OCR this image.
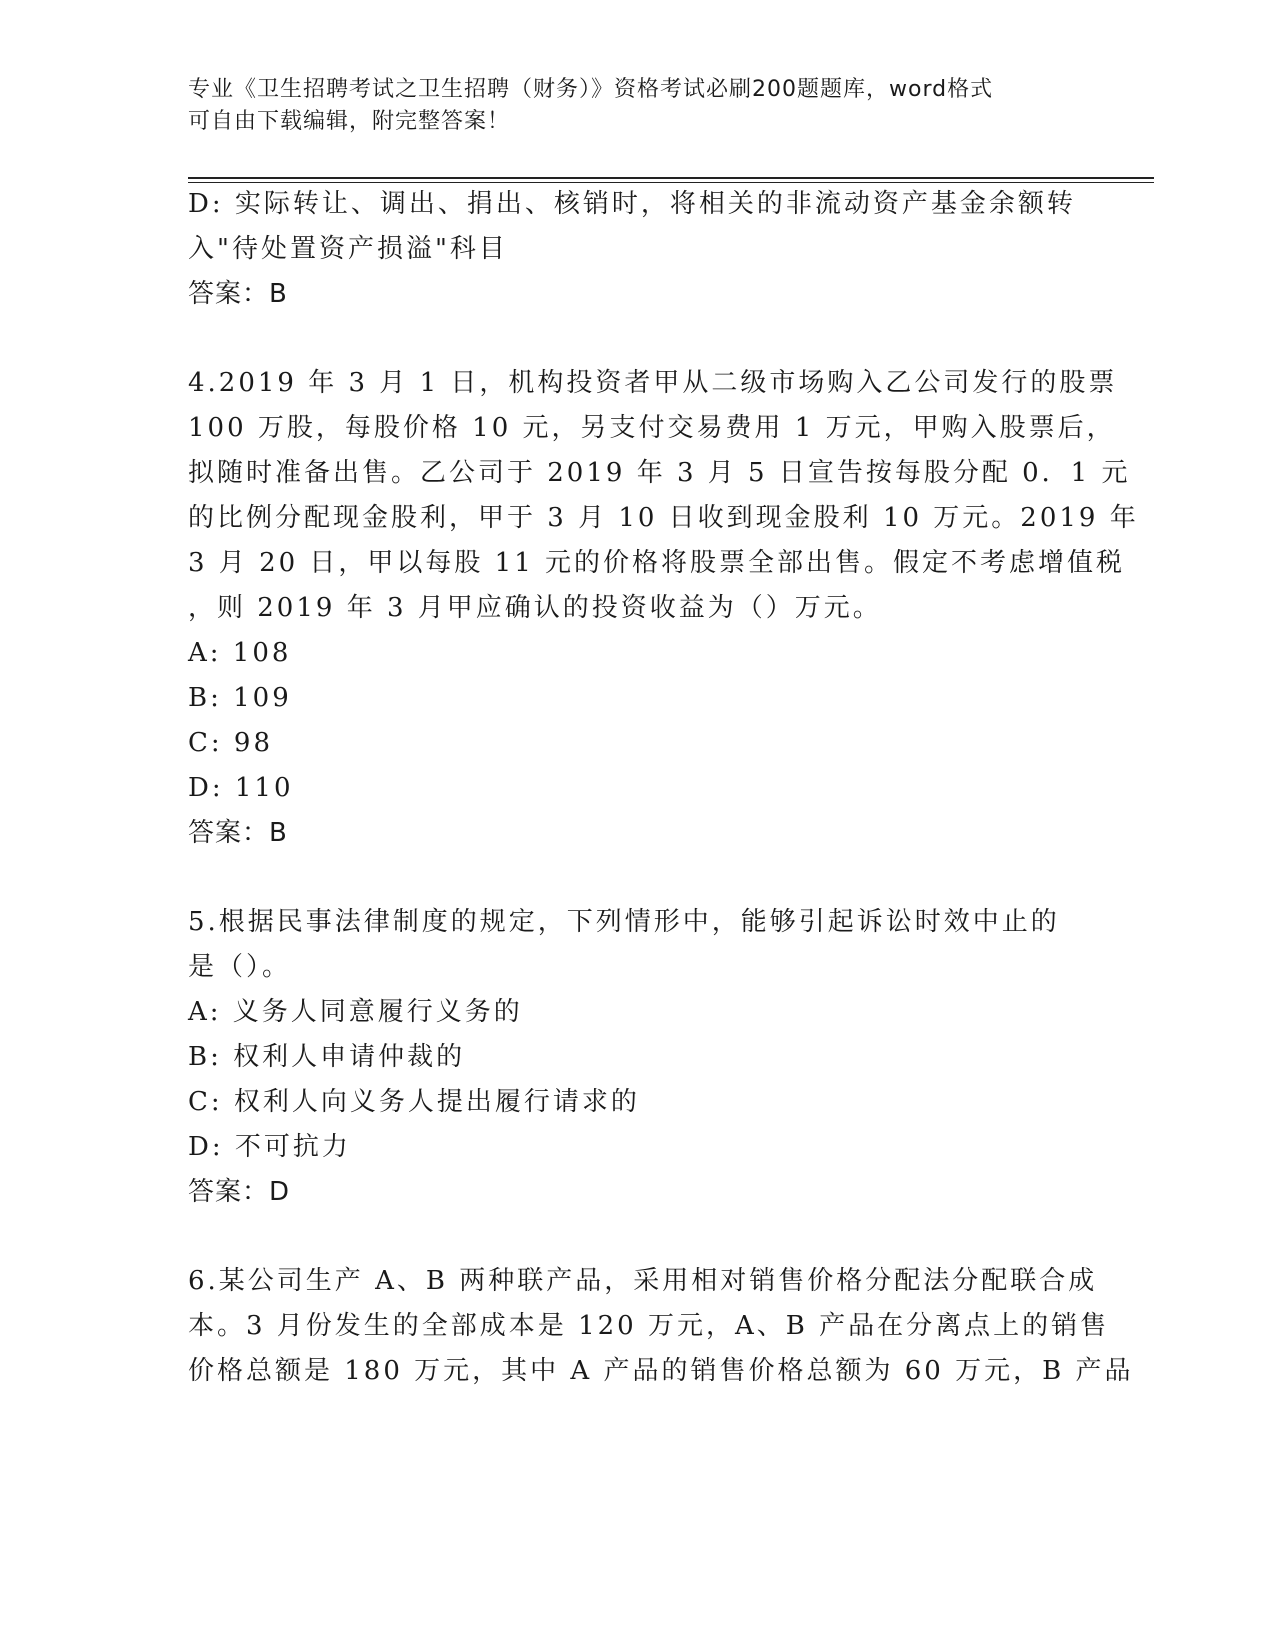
专业《卫生招聘考试之卫生招聘（财务）》资格考试必刷200题题库，word格式
可自由下载编辑，附完整答案！
D: 实际转让、调出、捐出、核销时，将相关的非流动资产基金余额转
入"待处置资产损溢"科目
答案：B
4.2019 年 3 月 1 日，机构投资者甲从二级市场购入乙公司发行的股票
100 万股，每股价格 10 元，另支付交易费用 1 万元，甲购入股票后，
拟随时准备出售。乙公司于 2019 年 3 月 5 日宣告按每股分配 0．1 元
的比例分配现金股利，甲于 3 月 10 日收到现金股利 10 万元。2019 年
3 月 20 日，甲以每股 11 元的价格将股票全部出售。假定不考虑增值税
，则 2019 年 3 月甲应确认的投资收益为（）万元。
A: 108
B: 109
C: 98
D: 110
答案：B
5.根据民事法律制度的规定，下列情形中，能够引起诉讼时效中止的
是（）。
A: 义务人同意履行义务的
B: 权利人申请仲裁的
C: 权利人向义务人提出履行请求的
D: 不可抗力
答案：D
6.某公司生产 A、B 两种联产品，采用相对销售价格分配法分配联合成
本。3 月份发生的全部成本是 120 万元，A、B 产品在分离点上的销售
价格总额是 180 万元，其中 A 产品的销售价格总额为 60 万元，B 产品
